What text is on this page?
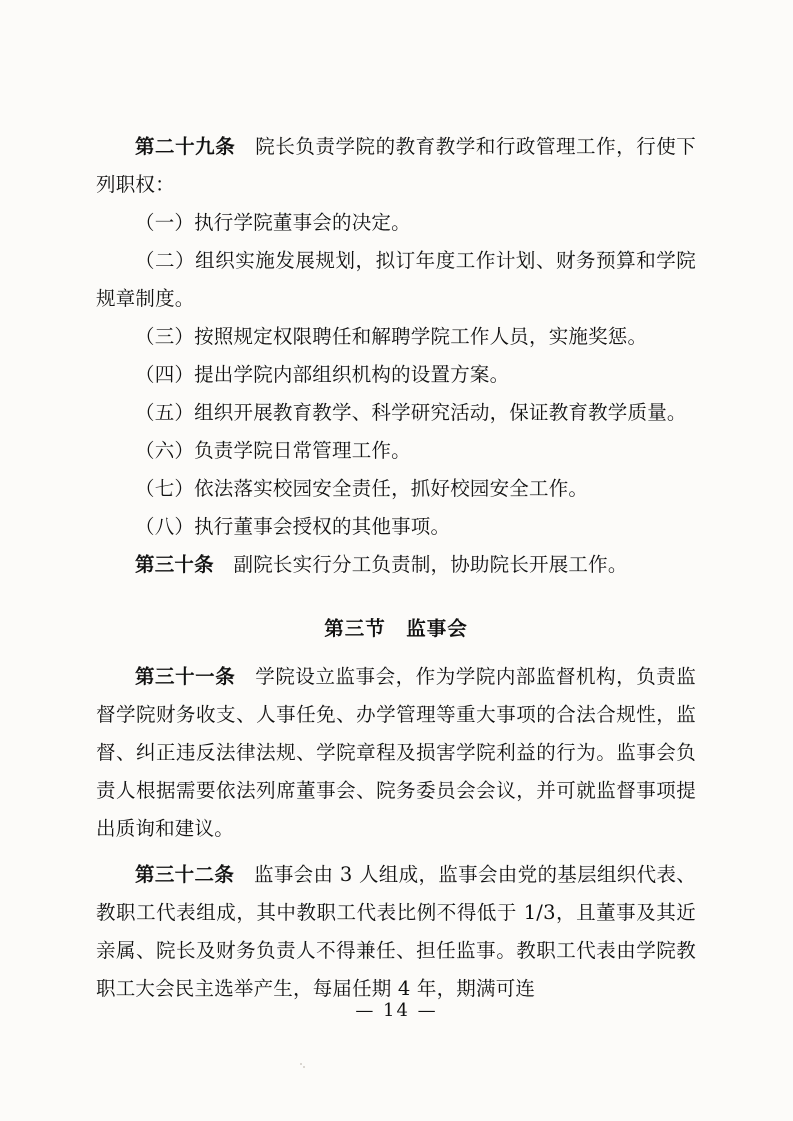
第二十九条　院长负责学院的教育教学和行政管理工作，行使下列职权：

（一）执行学院董事会的决定。

（二）组织实施发展规划，拟订年度工作计划、财务预算和学院规章制度。

（三）按照规定权限聘任和解聘学院工作人员，实施奖惩。

（四）提出学院内部组织机构的设置方案。

（五）组织开展教育教学、科学研究活动，保证教育教学质量。

（六）负责学院日常管理工作。

（七）依法落实校园安全责任，抓好校园安全工作。

（八）执行董事会授权的其他事项。

第三十条　副院长实行分工负责制，协助院长开展工作。

第三节　监事会

第三十一条　学院设立监事会，作为学院内部监督机构，负责监督学院财务收支、人事任免、办学管理等重大事项的合法合规性，监督、纠正违反法律法规、学院章程及损害学院利益的行为。监事会负责人根据需要依法列席董事会、院务委员会会议，并可就监督事项提出质询和建议。

第三十二条　监事会由 3 人组成，监事会由党的基层组织代表、教职工代表组成，其中教职工代表比例不得低于 1/3，且董事及其近亲属、院长及财务负责人不得兼任、担任监事。教职工代表由学院教职工大会民主选举产生，每届任期 4 年，期满可连

— 14 —
